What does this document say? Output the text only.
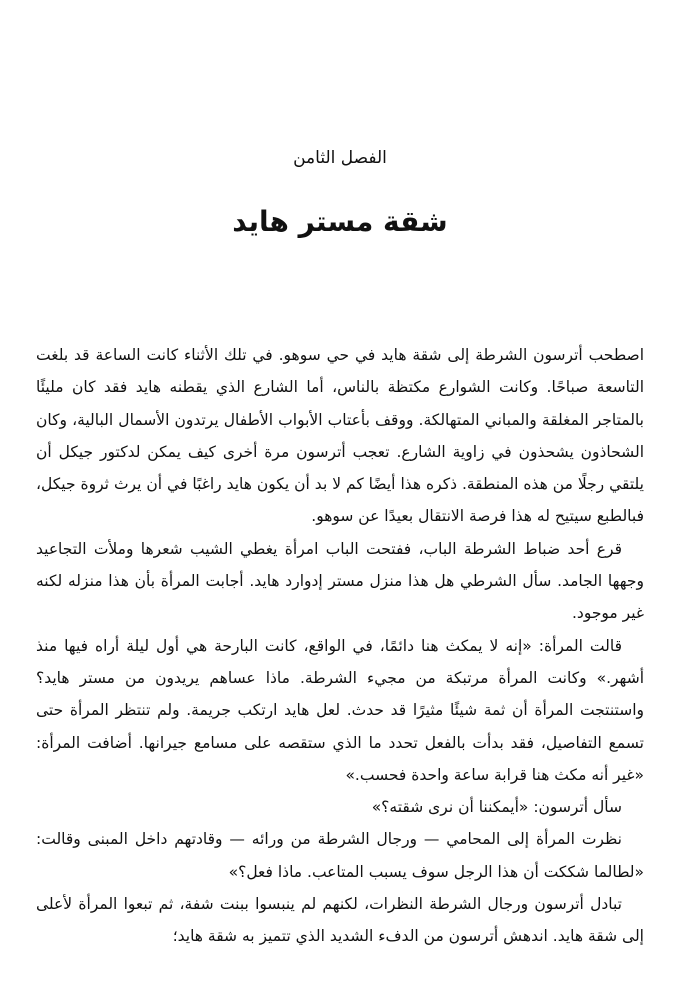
الفصل الثامن
شقة مستر هايد

اصطحب أترسون الشرطة إلى شقة هايد في حي سوهو. في تلك الأثناء كانت الساعة قد بلغت التاسعة صباحًا. وكانت الشوارع مكتظة بالناس، أما الشارع الذي يقطنه هايد فقد كان مليئًا بالمتاجر المغلقة والمباني المتهالكة. ووقف بأعتاب الأبواب الأطفال يرتدون الأسمال البالية، وكان الشحاذون يشحذون في زاوية الشارع. تعجب أترسون مرة أخرى كيف يمكن لدكتور جيكل أن يلتقي رجلًا من هذه المنطقة. ذكره هذا أيضًا كم لا بد أن يكون هايد راغبًا في أن يرث ثروة جيكل، فبالطبع سيتيح له هذا فرصة الانتقال بعيدًا عن سوهو.

قرع أحد ضباط الشرطة الباب، ففتحت الباب امرأة يغطي الشيب شعرها وملأت التجاعيد وجهها الجامد. سأل الشرطي هل هذا منزل مستر إدوارد هايد. أجابت المرأة بأن هذا منزله لكنه غير موجود.

قالت المرأة: «إنه لا يمكث هنا دائمًا، في الواقع، كانت البارحة هي أول ليلة أراه فيها منذ أشهر.» وكانت المرأة مرتبكة من مجيء الشرطة. ماذا عساهم يريدون من مستر هايد؟ واستنتجت المرأة أن ثمة شيئًا مثيرًا قد حدث. لعل هايد ارتكب جريمة. ولم تنتظر المرأة حتى تسمع التفاصيل، فقد بدأت بالفعل تحدد ما الذي ستقصه على مسامع جيرانها. أضافت المرأة: «غير أنه مكث هنا قرابة ساعة واحدة فحسب.»

سأل أترسون: «أيمكننا أن نرى شقته؟»

نظرت المرأة إلى المحامي — ورجال الشرطة من ورائه — وقادتهم داخل المبنى وقالت: «لطالما شككت أن هذا الرجل سوف يسبب المتاعب. ماذا فعل؟»

تبادل أترسون ورجال الشرطة النظرات، لكنهم لم ينبسوا ببنت شفة، ثم تبعوا المرأة لأعلى إلى شقة هايد. اندهش أترسون من الدفء الشديد الذي تتميز به شقة هايد؛
